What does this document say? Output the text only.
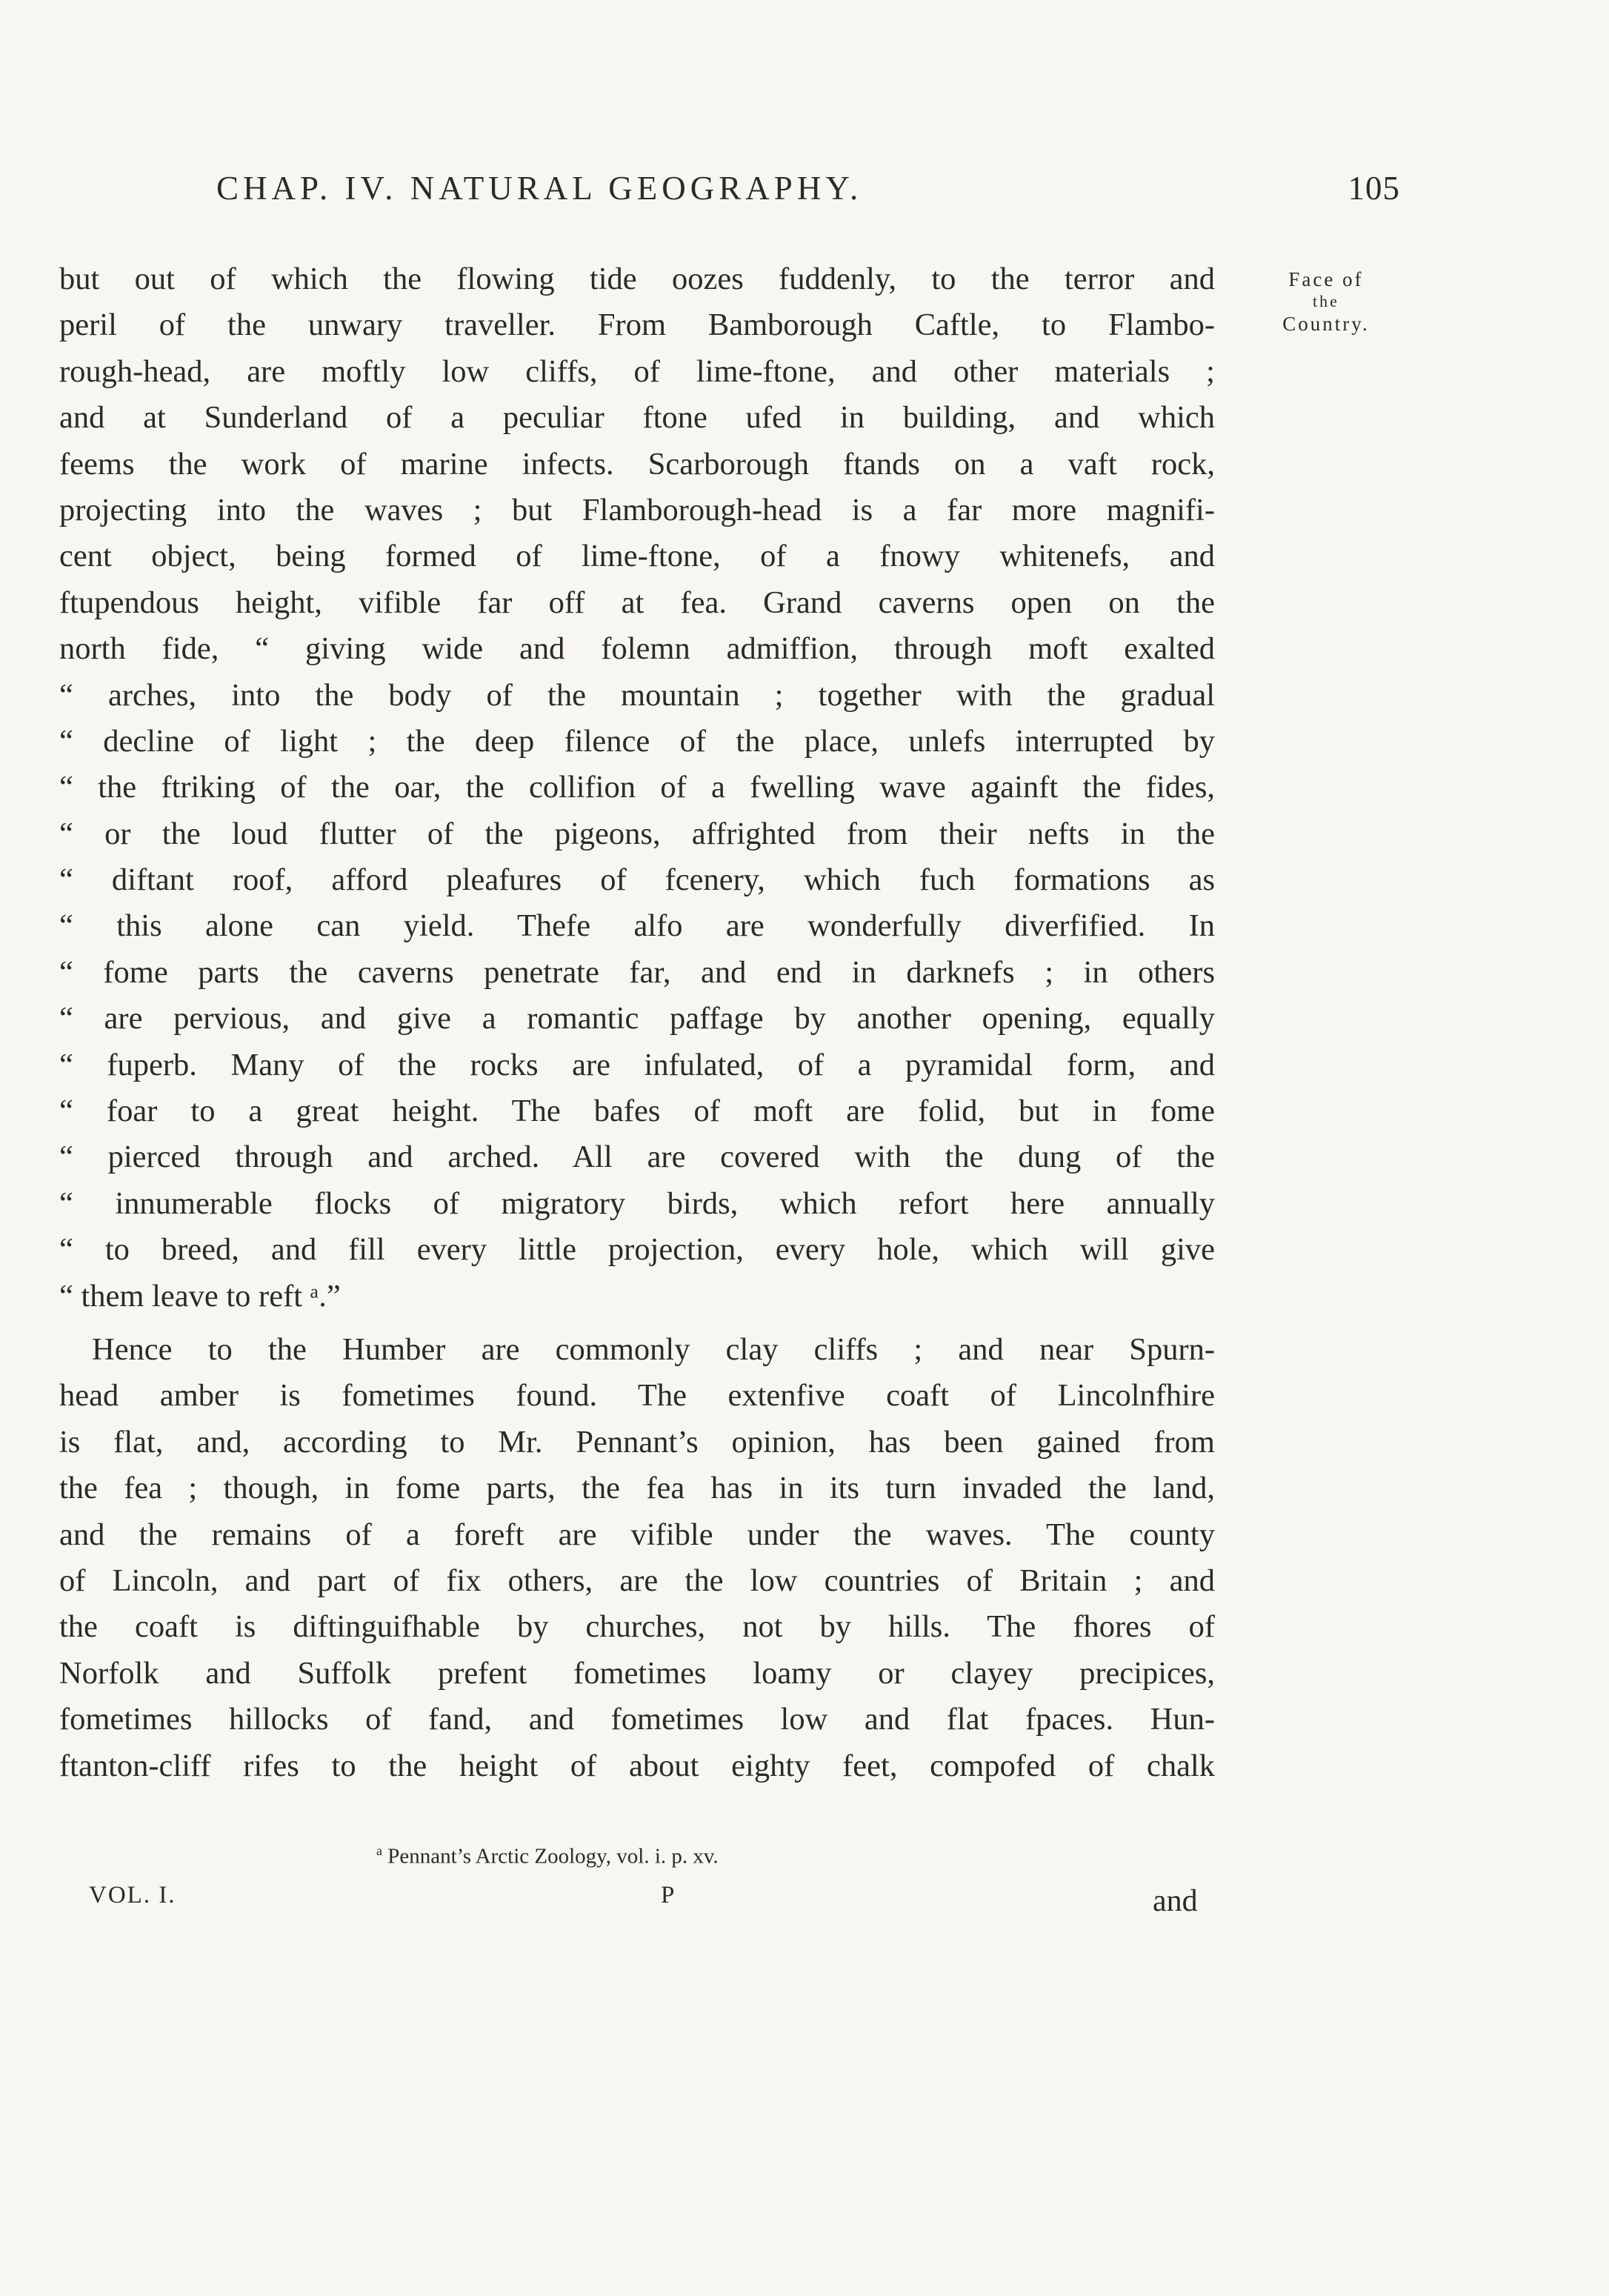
CHAP. IV. NATURAL GEOGRAPHY.	105
Face of
the
Country.
but out of which the flowing tide oozes fuddenly, to the terror and
peril of the unwary traveller. From Bamborough Caftle, to Flambo-
rough-head, are moftly low cliffs, of lime-ftone, and other materials ;
and at Sunderland of a peculiar ftone ufed in building, and which
feems the work of marine infects. Scarborough ftands on a vaft rock,
projecting into the waves ; but Flamborough-head is a far more magnifi-
cent object, being formed of lime-ftone, of a fnowy whitenefs, and
ftupendous height, vifible far off at fea. Grand caverns open on the
north fide, “ giving wide and folemn admiffion, through moft exalted
“ arches, into the body of the mountain ; together with the gradual
“ decline of light ; the deep filence of the place, unlefs interrupted by
“ the ftriking of the oar, the collifion of a fwelling wave againft the fides,
“ or the loud flutter of the pigeons, affrighted from their nefts in the
“ diftant roof, afford pleafures of fcenery, which fuch formations as
“ this alone can yield. Thefe alfo are wonderfully diverfified. In
“ fome parts the caverns penetrate far, and end in darknefs ; in others
“ are pervious, and give a romantic paffage by another opening, equally
“ fuperb. Many of the rocks are infulated, of a pyramidal form, and
“ foar to a great height. The bafes of moft are folid, but in fome
“ pierced through and arched. All are covered with the dung of the
“ innumerable flocks of migratory birds, which refort here annually
“ to breed, and fill every little projection, every hole, which will give
“ them leave to reft ᵃ.”
Hence to the Humber are commonly clay cliffs ; and near Spurn-
head amber is fometimes found. The extenfive coaft of Lincolnfhire
is flat, and, according to Mr. Pennant’s opinion, has been gained from
the fea ; though, in fome parts, the fea has in its turn invaded the land,
and the remains of a foreft are vifible under the waves. The county
of Lincoln, and part of fix others, are the low countries of Britain ; and
the coaft is diftinguifhable by churches, not by hills. The fhores of
Norfolk and Suffolk prefent fometimes loamy or clayey precipices,
fometimes hillocks of fand, and fometimes low and flat fpaces. Hun-
ftanton-cliff rifes to the height of about eighty feet, compofed of chalk
$^a$ Pennant’s Arctic Zoology, vol. i. p. xv.
VOL. I.	P	and
